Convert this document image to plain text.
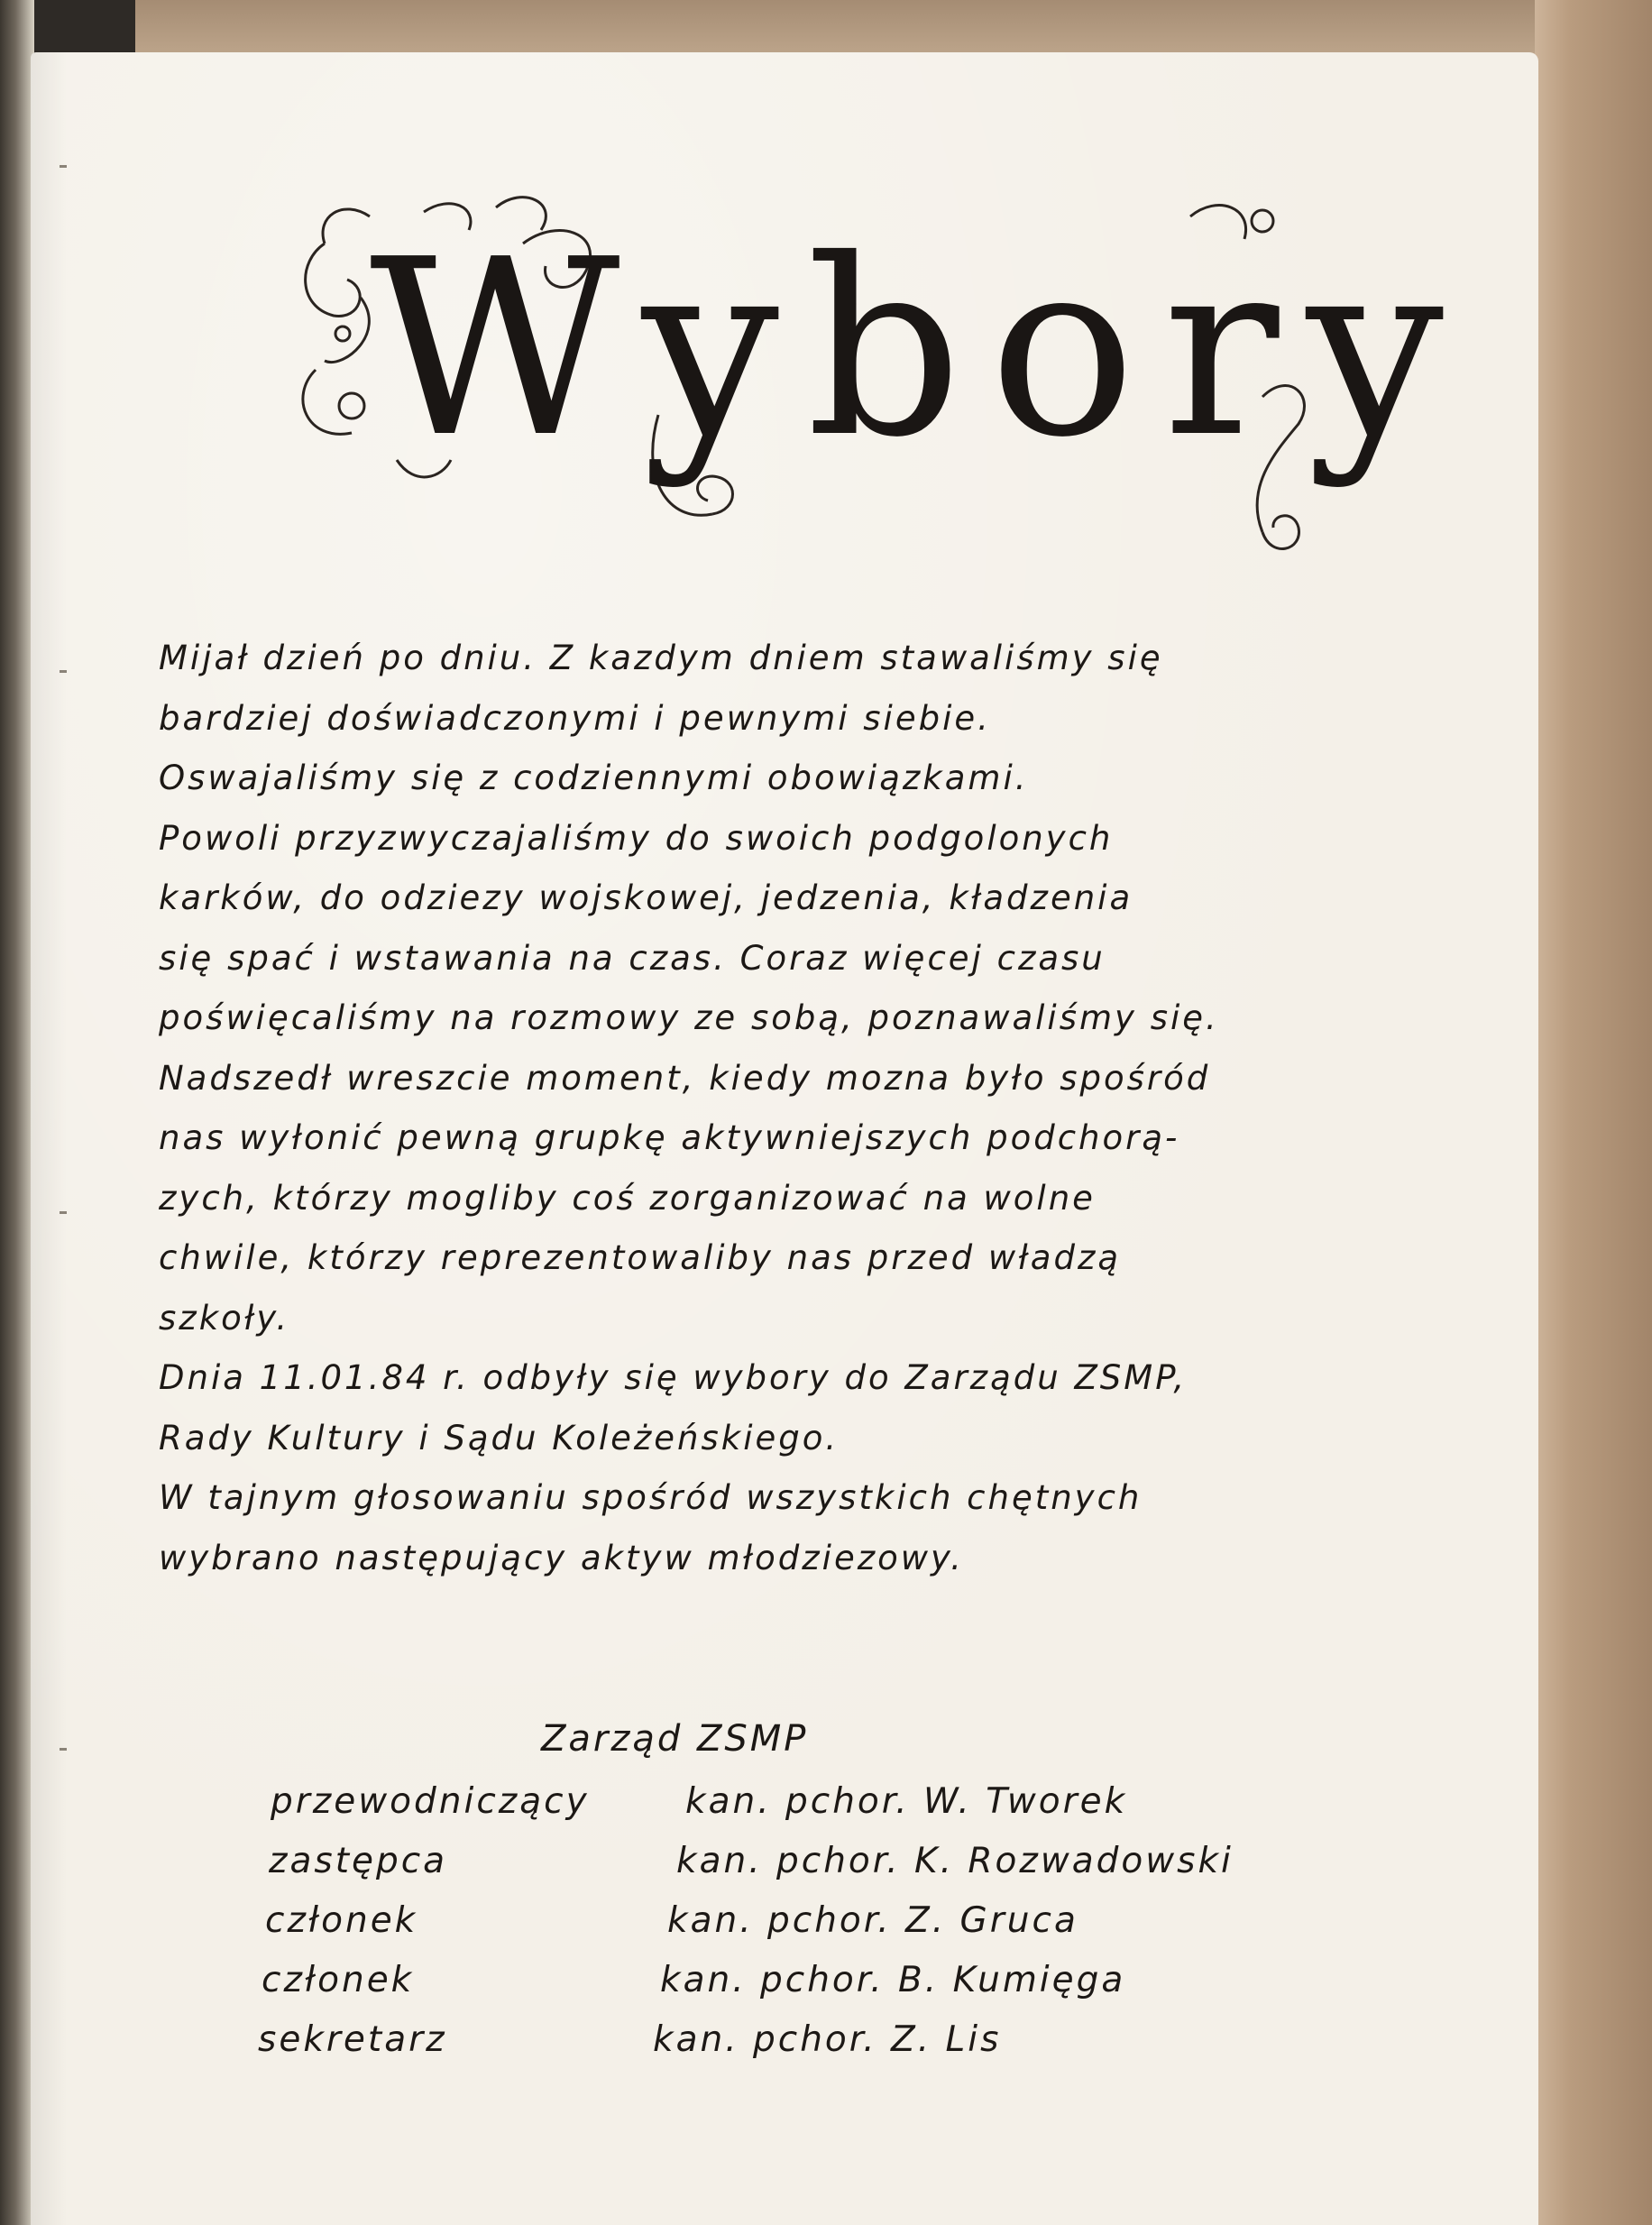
Wybory
Mijał dzień po dniu. Z kazdym dniem stawaliśmy się
bardziej doświadczonymi i pewnymi siebie.
Oswajaliśmy się z codziennymi obowiązkami.
Powoli przyzwyczajaliśmy do swoich podgolonych
karków, do odziezy wojskowej, jedzenia, kładzenia
się spać i wstawania na czas. Coraz więcej czasu
poświęcaliśmy na rozmowy ze sobą, poznawaliśmy się.
Nadszedł wreszcie moment, kiedy mozna było spośród
nas wyłonić pewną grupkę aktywniejszych podchorą-
zych, którzy mogliby coś zorganizować na wolne
chwile, którzy reprezentowaliby nas przed władzą
szkoły.
Dnia 11.01.84 r. odbyły się wybory do Zarządu ZSMP,
Rady Kultury i Sądu Koleżeńskiego.
W tajnym głosowaniu spośród wszystkich chętnych
wybrano następujący aktyw młodziezowy.
Zarząd ZSMP
przewodniczący	kan. pchor. W. Tworek
zastępca	kan. pchor. K. Rozwadowski
członek	kan. pchor. Z. Gruca
członek	kan. pchor. B. Kumięga
sekretarz	kan. pchor. Z. Lis
